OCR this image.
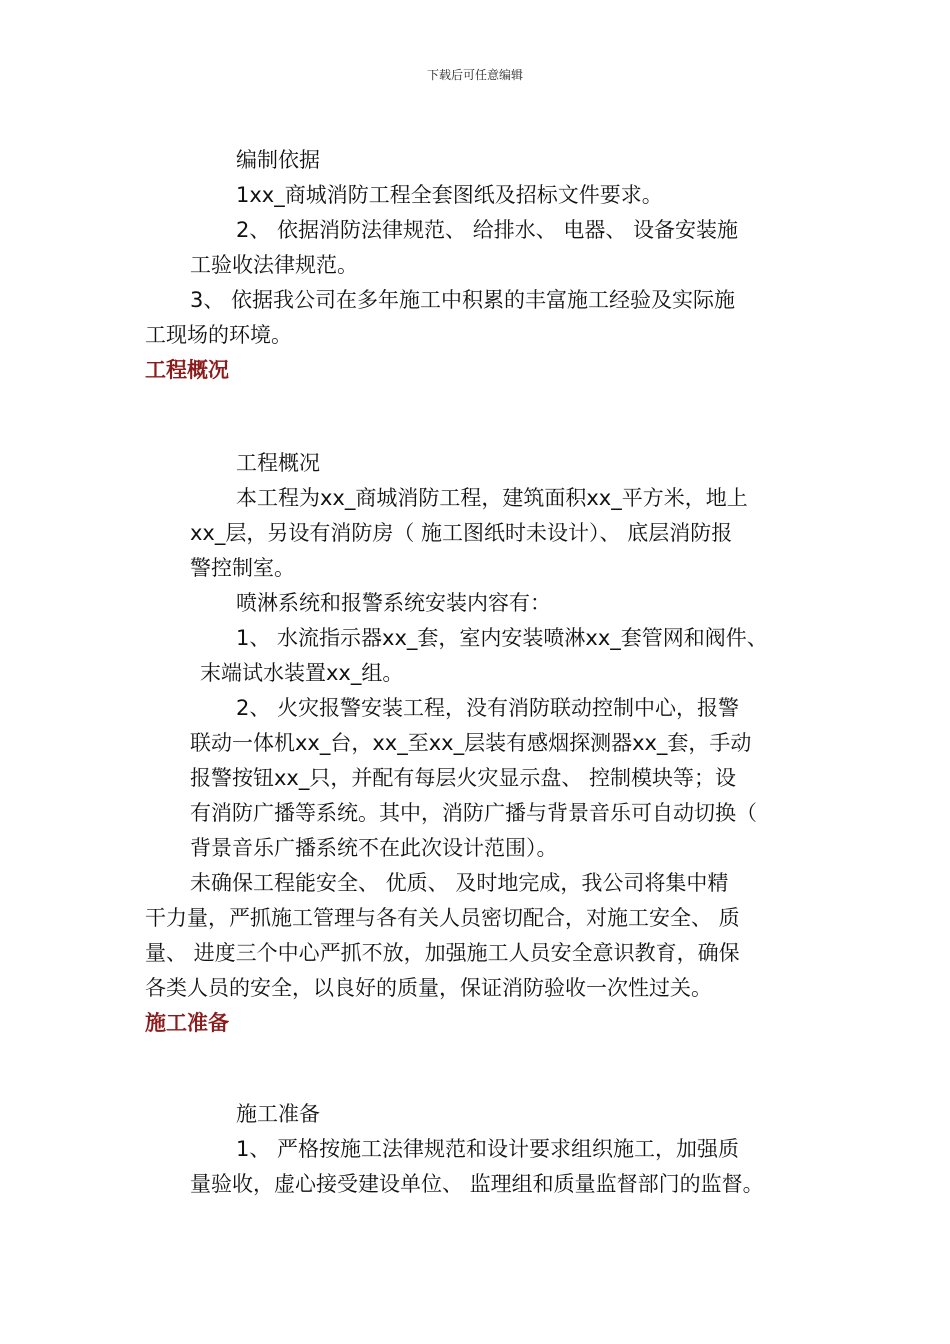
下载后可任意编辑
编制依据
1xx_商城消防工程全套图纸及招标文件要求。
2、 依据消防法律规范、 给排水、 电器、 设备安装施
工验收法律规范。
3、 依据我公司在多年施工中积累的丰富施工经验及实际施
工现场的环境。
工程概况
工程概况
本工程为xx_商城消防工程，建筑面积xx_平方米，地上
xx_层，另设有消防房（ 施工图纸时未设计）、 底层消防报
警控制室。
喷淋系统和报警系统安装内容有：
1、 水流指示器xx_套，室内安装喷淋xx_套管网和阀件、
末端试水装置xx_组。
2、 火灾报警安装工程，没有消防联动控制中心，报警
联动一体机xx_台，xx_至xx_层装有感烟探测器xx_套，手动
报警按钮xx_只，并配有每层火灾显示盘、 控制模块等；设
有消防广播等系统。其中，消防广播与背景音乐可自动切换（
背景音乐广播系统不在此次设计范围）。
未确保工程能安全、 优质、 及时地完成，我公司将集中精
干力量，严抓施工管理与各有关人员密切配合，对施工安全、 质
量、 进度三个中心严抓不放，加强施工人员安全意识教育，确保
各类人员的安全，以良好的质量，保证消防验收一次性过关。
施工准备
施工准备
1、 严格按施工法律规范和设计要求组织施工，加强质
量验收，虚心接受建设单位、 监理组和质量监督部门的监督。
